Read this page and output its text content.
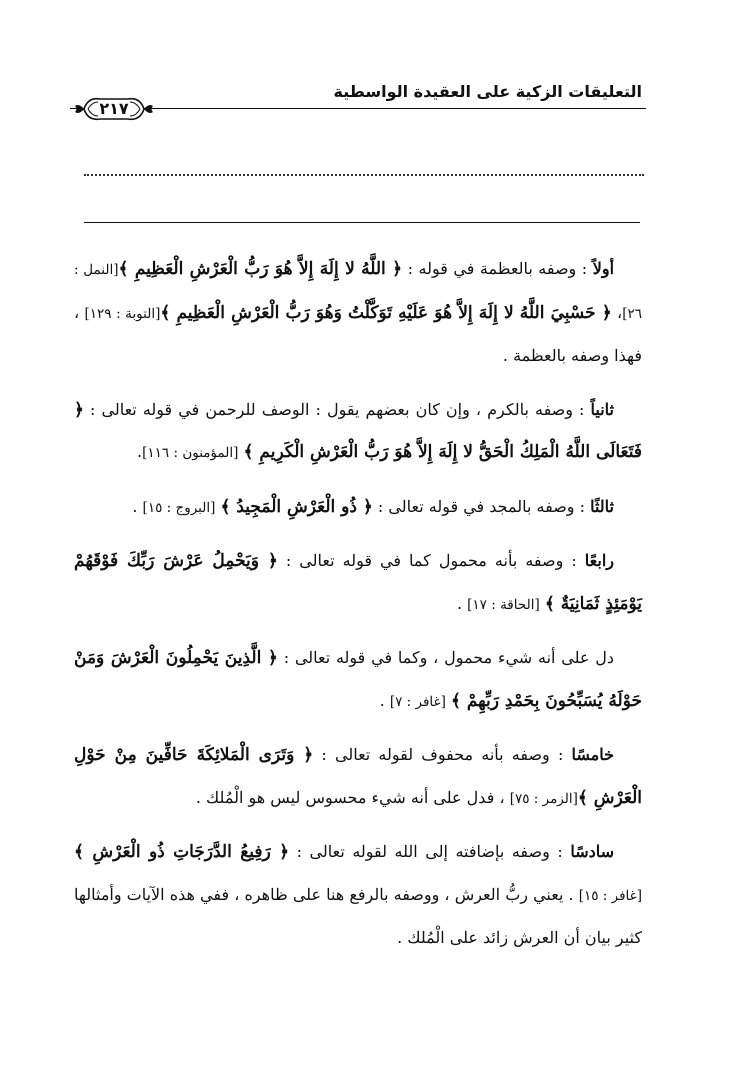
التعليقات الزكية على العقيدة الواسطية
٢١٧

أولاً : وصفه بالعظمة في قوله : ﴿ اللَّهُ لا إِلَهَ إِلاَّ هُوَ رَبُّ الْعَرْشِ الْعَظِيمِ ﴾[النمل : ٢٦]، ﴿ حَسْبِيَ اللَّهُ لا إِلَهَ إِلاَّ هُوَ عَلَيْهِ تَوَكَّلْتُ وَهُوَ رَبُّ الْعَرْشِ الْعَظِيمِ ﴾[التوبة : ١٢٩] ، فهذا وصفه بالعظمة .

ثانياً : وصفه بالكرم ، وإن كان بعضهم يقول : الوصف للرحمن في قوله تعالى : ﴿ فَتَعَالَى اللَّهُ الْمَلِكُ الْحَقُّ لا إِلَهَ إِلاَّ هُوَ رَبُّ الْعَرْشِ الْكَرِيمِ ﴾ [المؤمنون : ١١٦].

ثالثًا : وصفه بالمجد في قوله تعالى : ﴿ ذُو الْعَرْشِ الْمَجِيدُ ﴾ [البروج : ١٥] .

رابعًا : وصفه بأنه محمول كما في قوله تعالى : ﴿ وَيَحْمِلُ عَرْشَ رَبِّكَ فَوْقَهُمْ يَوْمَئِذٍ ثَمَانِيَةٌ ﴾ [الحاقة : ١٧] .

دل على أنه شيء محمول ، وكما في قوله تعالى : ﴿ الَّذِينَ يَحْمِلُونَ الْعَرْشَ وَمَنْ حَوْلَهُ يُسَبِّحُونَ بِحَمْدِ رَبِّهِمْ ﴾ [غافر : ٧] .

خامسًا : وصفه بأنه محفوف لقوله تعالى : ﴿ وَتَرَى الْمَلائِكَةَ حَافِّينَ مِنْ حَوْلِ الْعَرْشِ ﴾[الزمر : ٧٥] ، فدل على أنه شيء محسوس ليس هو الْمُلك .

سادسًا : وصفه بإضافته إلى الله لقوله تعالى : ﴿ رَفِيعُ الدَّرَجَاتِ ذُو الْعَرْشِ ﴾ [غافر : ١٥] . يعني ربُّ العرش ، ووصفه بالرفع هنا على ظاهره ، ففي هذه الآيات وأمثالها كثير بيان أن العرش زائد على الْمُلك .
